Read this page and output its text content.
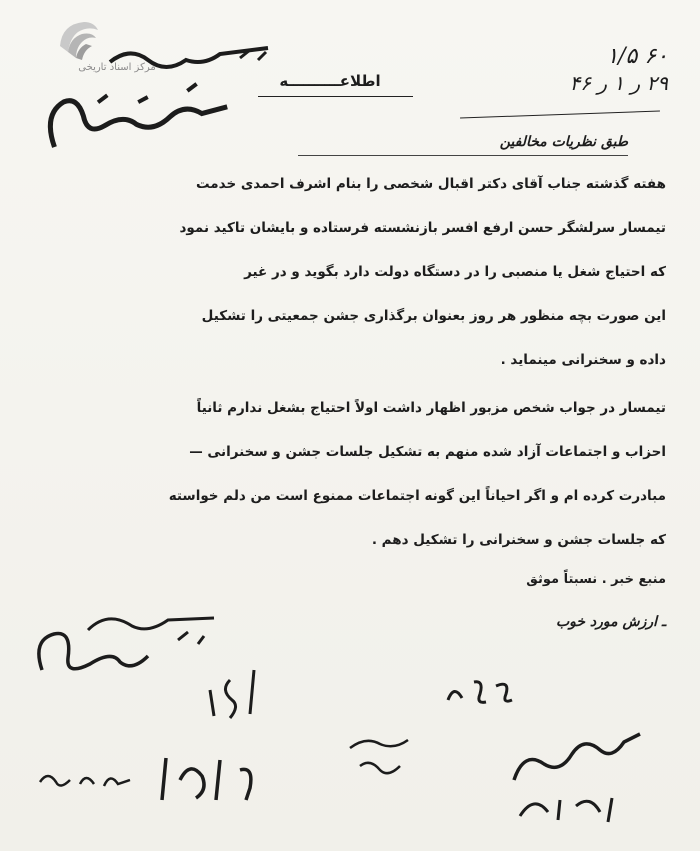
مرکز اسناد تاریخی
اطلاعــــــــــه
۶۰ ۱/۵
۲۹ ر ۱ ر ۴۶
طبق نظریات مخالفین
هفته گذشته جناب آقای دکتر اقبال شخصی را بنام اشرف احمدی خدمت
تیمسار سرلشگر حسن ارفع افسر بازنشسته فرستاده و بایشان تاکید نمود
که احتیاج شغل یا منصبی را در دستگاه دولت دارد بگوید و در غیر
این صورت بچه منظور هر روز بعنوان برگذاری جشن جمعیتی را تشکیل
داده و سخنرانی مینماید .
تیمسار در جواب شخص مزبور اظهار داشت اولاً احتیاج بشغل ندارم ثانیاً
احزاب و اجتماعات آزاد شده منهم به تشکیل جلسات جشن و سخنرانی —
مبادرت کرده ام و اگر احیاناً این گونه اجتماعات ممنوع است من دلم خواسته
که جلسات جشن و سخنرانی را تشکیل دهم .
منبع خبر . نسبتاً موثق
ـ ارزش مورد خوب
